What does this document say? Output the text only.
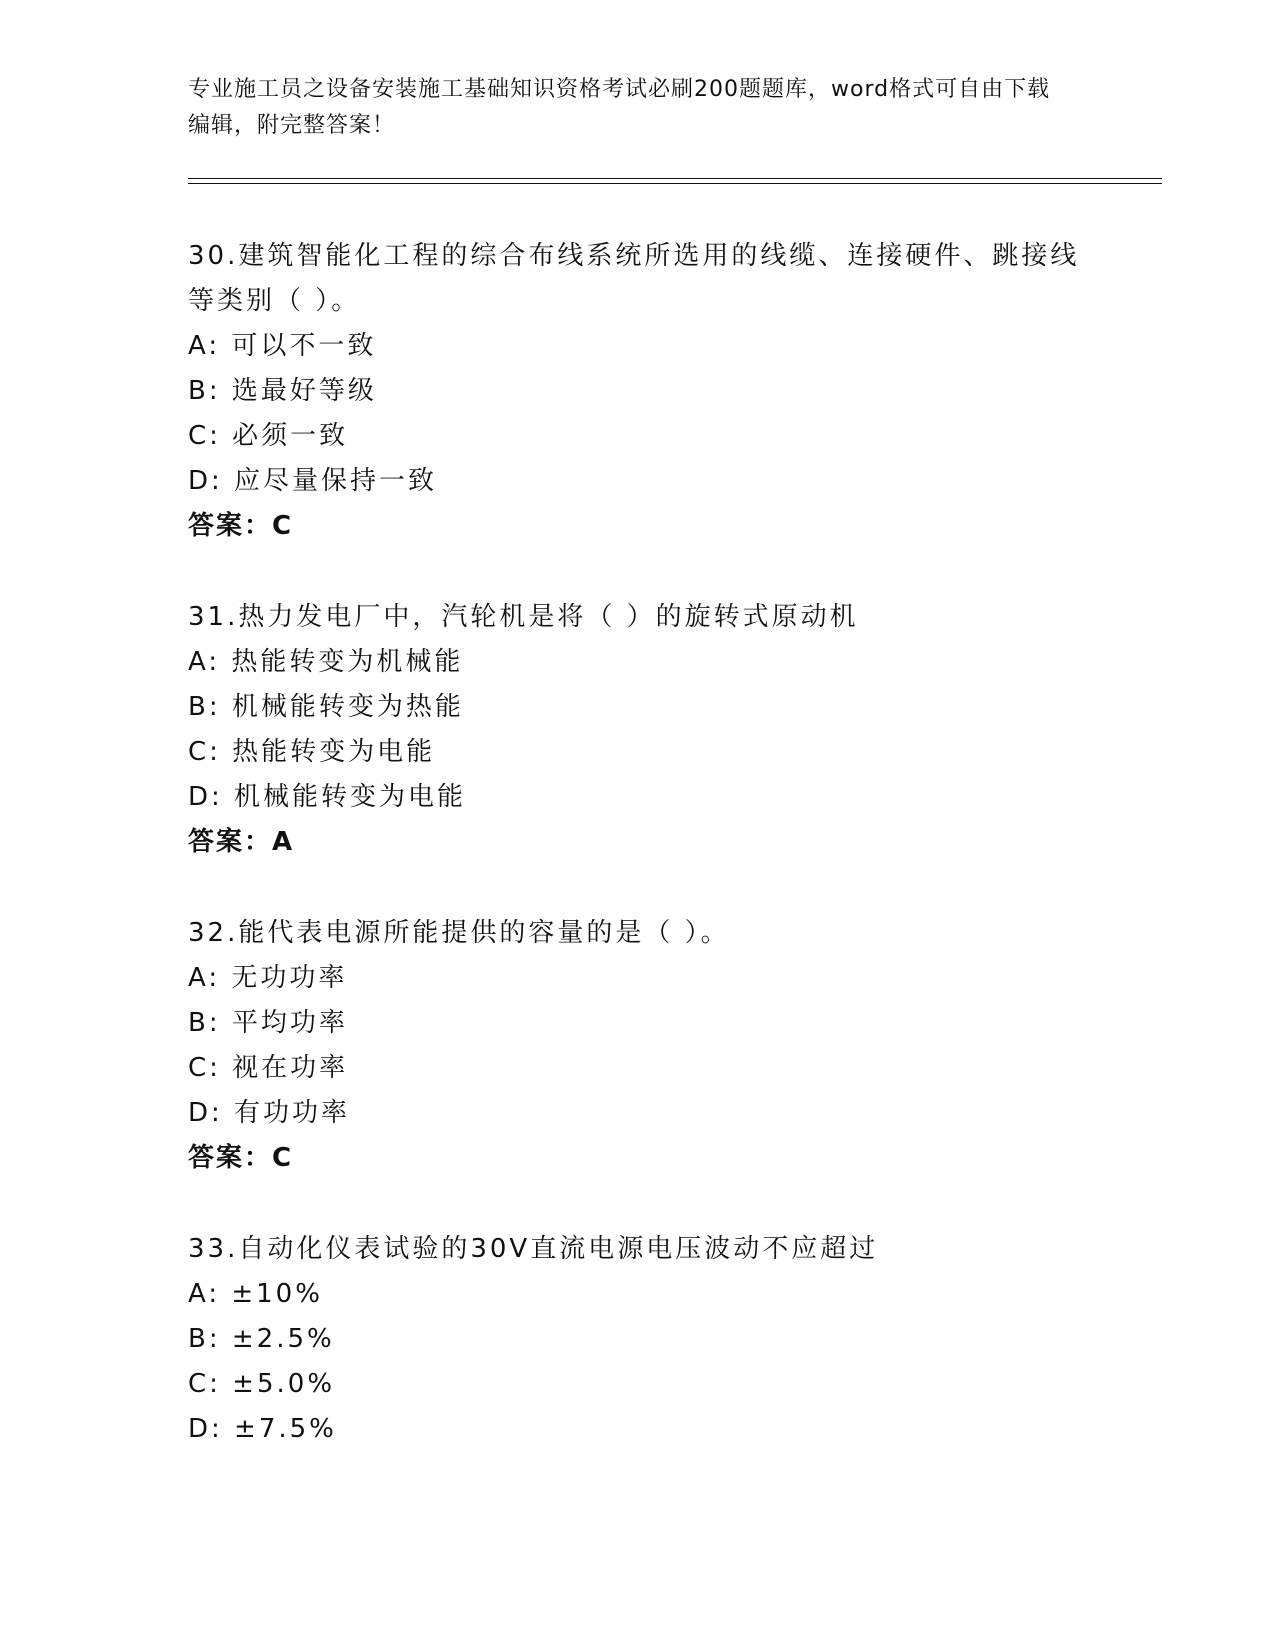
专业施工员之设备安装施工基础知识资格考试必刷200题题库，word格式可自由下载编辑，附完整答案！
30.建筑智能化工程的综合布线系统所选用的线缆、连接硬件、跳接线等类别（ ）。
A: 可以不一致
B: 选最好等级
C: 必须一致
D: 应尽量保持一致
答案：C
31.热力发电厂中，汽轮机是将（ ）的旋转式原动机
A: 热能转变为机械能
B: 机械能转变为热能
C: 热能转变为电能
D: 机械能转变为电能
答案：A
32.能代表电源所能提供的容量的是（ ）。
A: 无功功率
B: 平均功率
C: 视在功率
D: 有功功率
答案：C
33.自动化仪表试验的30V直流电源电压波动不应超过
A: ±10%
B: ±2.5%
C: ±5.0%
D: ±7.5%
